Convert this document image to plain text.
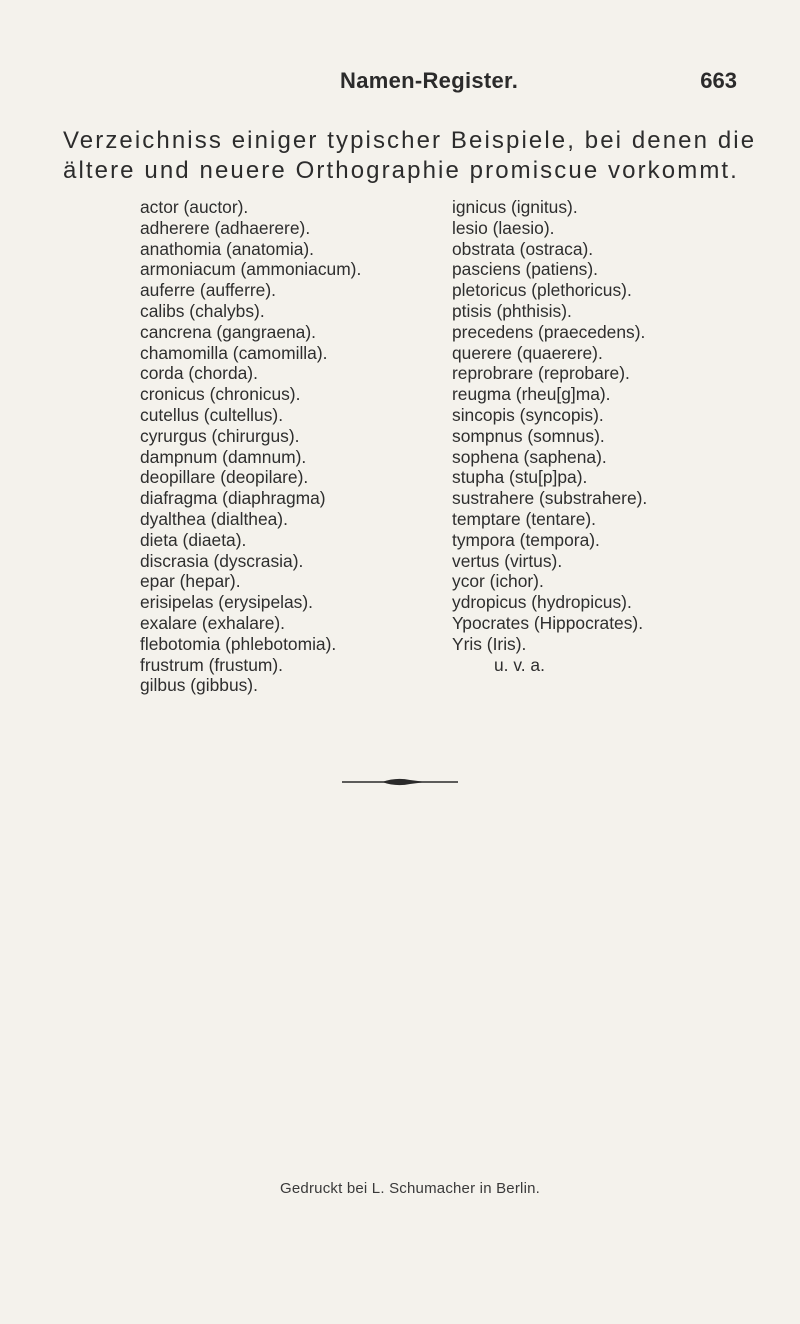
Namen-Register.	663
Verzeichniss einiger typischer Beispiele, bei denen die
ältere und neuere Orthographie promiscue vorkommt.
actor (auctor).
adherere (adhaerere).
anathomia (anatomia).
armoniacum (ammoniacum).
auferre (aufferre).
calibs (chalybs).
cancrena (gangraena).
chamomilla (camomilla).
corda (chorda).
cronicus (chronicus).
cutellus (cultellus).
cyrurgus (chirurgus).
dampnum (damnum).
deopillare (deopilare).
diafragma (diaphragma)
dyalthea (dialthea).
dieta (diaeta).
discrasia (dyscrasia).
epar (hepar).
erisipelas (erysipelas).
exalare (exhalare).
flebotomia (phlebotomia).
frustrum (frustum).
gilbus (gibbus).
ignicus (ignitus).
lesio (laesio).
obstrata (ostraca).
pasciens (patiens).
pletoricus (plethoricus).
ptisis (phthisis).
precedens (praecedens).
querere (quaerere).
reprobrare (reprobare).
reugma (rheu[g]ma).
sincopis (syncopis).
sompnus (somnus).
sophena (saphena).
stupha (stu[p]pa).
sustrahere (substrahere).
temptare (tentare).
tympora (tempora).
vertus (virtus).
ycor (ichor).
ydropicus (hydropicus).
Ypocrates (Hippocrates).
Yris (Iris).
u. v. a.
Gedruckt bei L. Schumacher in Berlin.
